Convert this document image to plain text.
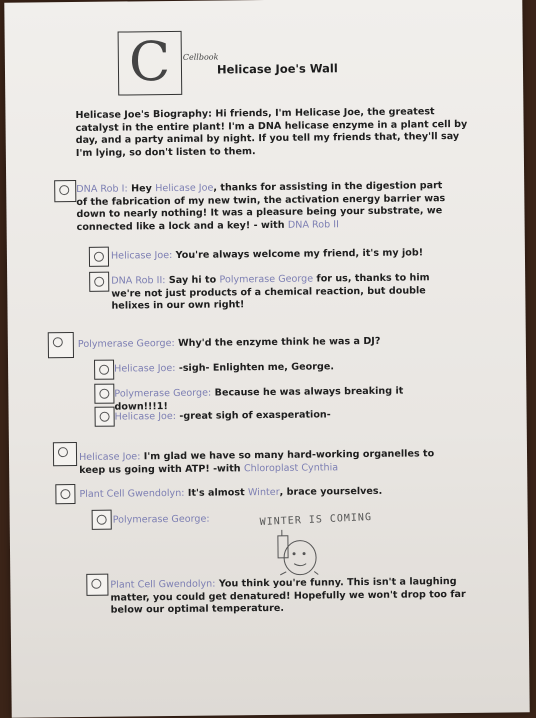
C Cellbook
Helicase Joe's Wall
Helicase Joe's Biography: Hi friends, I'm Helicase Joe, the greatest catalyst in the entire plant! I'm a DNA helicase enzyme in a plant cell by day, and a party animal by night. If you tell my friends that, they'll say I'm lying, so don't listen to them.
DNA Rob I: Hey Helicase Joe, thanks for assisting in the digestion part of the fabrication of my new twin, the activation energy barrier was down to nearly nothing! It was a pleasure being your substrate, we connected like a lock and a key! - with DNA Rob II
Helicase Joe: You're always welcome my friend, it's my job!
DNA Rob II: Say hi to Polymerase George for us, thanks to him we're not just products of a chemical reaction, but double helixes in our own right!
Polymerase George: Why'd the enzyme think he was a DJ?
Helicase Joe: -sigh- Enlighten me, George.
Polymerase George: Because he was always breaking it down!!!1!
Helicase Joe: -great sigh of exasperation-
Helicase Joe: I'm glad we have so many hard-working organelles to keep us going with ATP! -with Chloroplast Cynthia
Plant Cell Gwendolyn: It's almost Winter, brace yourselves.
Polymerase George:	WINTER IS COMING
Plant Cell Gwendolyn: You think you're funny. This isn't a laughing matter, you could get denatured! Hopefully we won't drop too far below our optimal temperature.
